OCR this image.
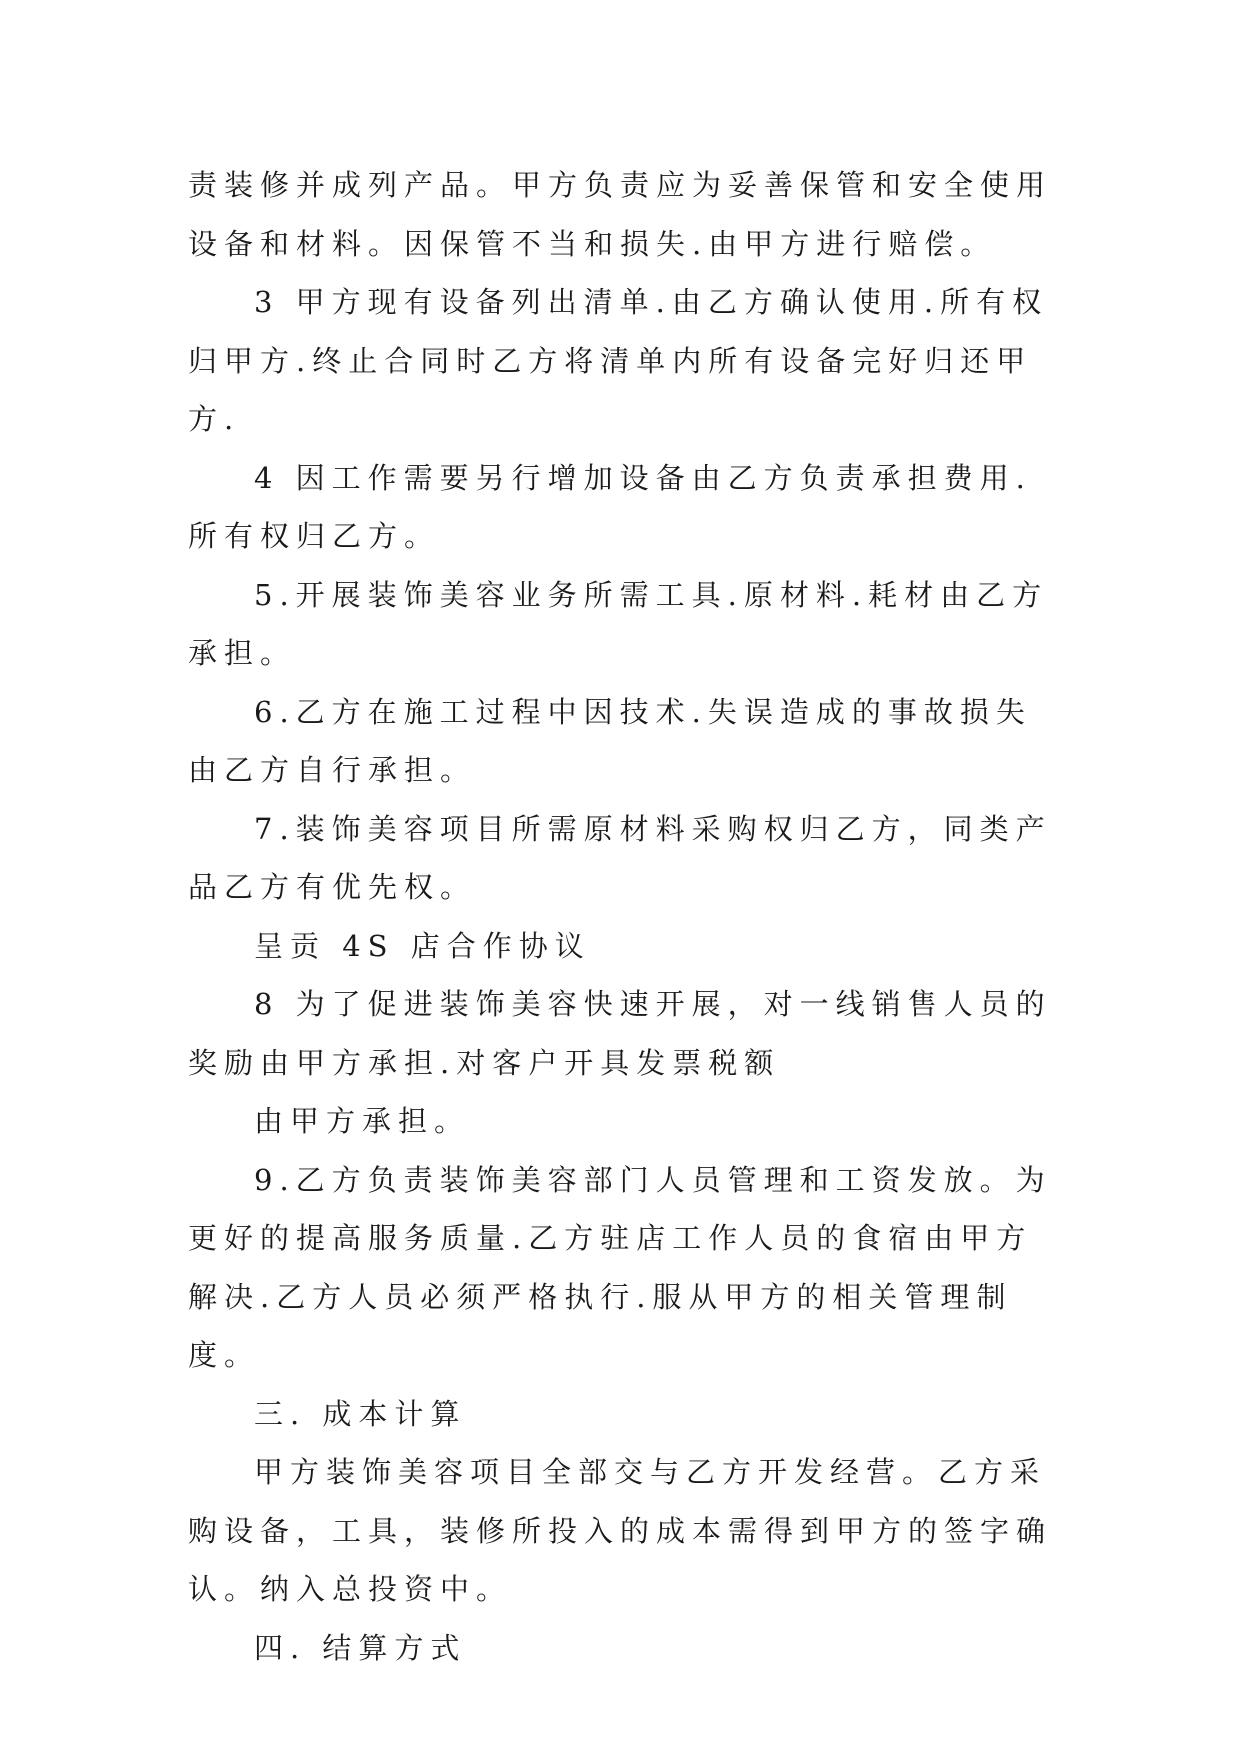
责装修并成列产品。甲方负责应为妥善保管和安全使用设备和材料。因保管不当和损失.由甲方进行赔偿。

3 甲方现有设备列出清单.由乙方确认使用.所有权归甲方.终止合同时乙方将清单内所有设备完好归还甲方.

4 因工作需要另行增加设备由乙方负责承担费用.所有权归乙方。

5.开展装饰美容业务所需工具.原材料.耗材由乙方承担。

6.乙方在施工过程中因技术.失误造成的事故损失由乙方自行承担。

7.装饰美容项目所需原材料采购权归乙方，同类产品乙方有优先权。

呈贡 4S 店合作协议

8 为了促进装饰美容快速开展，对一线销售人员的奖励由甲方承担.对客户开具发票税额

由甲方承担。

9.乙方负责装饰美容部门人员管理和工资发放。为更好的提高服务质量.乙方驻店工作人员的食宿由甲方解决.乙方人员必须严格执行.服从甲方的相关管理制度。

三. 成本计算

甲方装饰美容项目全部交与乙方开发经营。乙方采购设备，工具，装修所投入的成本需得到甲方的签字确认。纳入总投资中。

四. 结算方式
